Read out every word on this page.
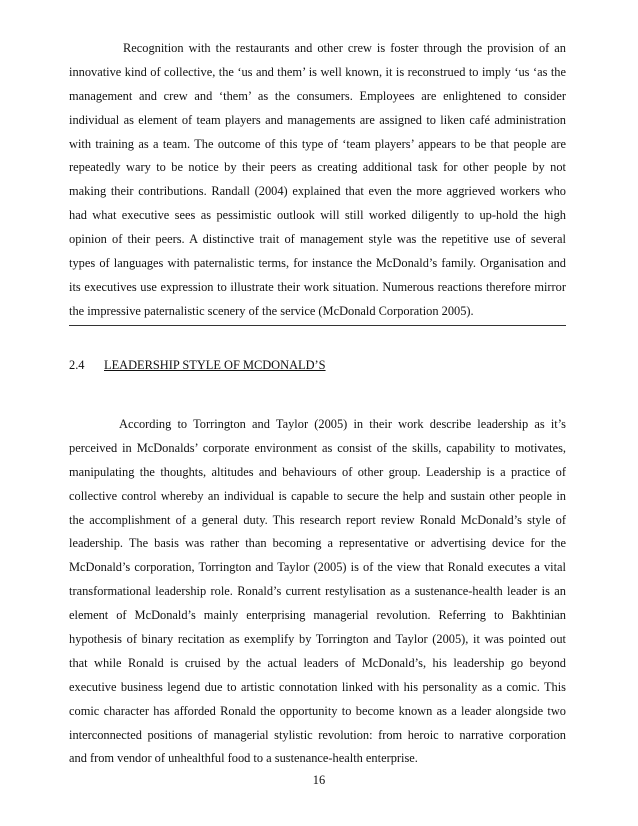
Recognition with the restaurants and other crew is foster through the provision of an
innovative kind of collective, the ‘us and them’ is well known, it is reconstrued to imply ‘us ‘as the
management and crew and ‘them’ as the consumers. Employees are enlightened to consider
individual as element of team players and managements are assigned to liken café administration
with training as a team. The outcome of this type of ‘team players’ appears to be that people are
repeatedly wary to be notice by their peers as creating additional task for other people by not
making their contributions. Randall (2004) explained that even the more aggrieved workers who
had what executive sees as pessimistic outlook will still worked diligently to up-hold the high
opinion of their peers. A distinctive trait of management style was the repetitive use of several
types of languages with paternalistic terms, for instance the McDonald’s family. Organisation and
its executives use expression to illustrate their work situation. Numerous reactions therefore mirror
the impressive paternalistic scenery of the service (McDonald Corporation 2005).
2.4 LEADERSHIP STYLE OF MCDONALD’S
According to Torrington and Taylor (2005) in their work describe leadership as it’s
perceived in McDonalds’ corporate environment as consist of the skills, capability to motivates,
manipulating the thoughts, altitudes and behaviours of other group. Leadership is a practice of
collective control whereby an individual is capable to secure the help and sustain other people in
the accomplishment of a general duty. This research report review Ronald McDonald’s style of
leadership. The basis was rather than becoming a representative or advertising device for the
McDonald’s corporation, Torrington and Taylor (2005) is of the view that Ronald executes a vital
transformational leadership role. Ronald’s current restylisation as a sustenance-health leader is an
element of McDonald’s mainly enterprising managerial revolution. Referring to Bakhtinian
hypothesis of binary recitation as exemplify by Torrington and Taylor (2005), it was pointed out
that while Ronald is cruised by the actual leaders of McDonald’s, his leadership go beyond
executive business legend due to artistic connotation linked with his personality as a comic. This
comic character has afforded Ronald the opportunity to become known as a leader alongside two
interconnected positions of managerial stylistic revolution: from heroic to narrative corporation
and from vendor of unhealthful food to a sustenance-health enterprise.
16
